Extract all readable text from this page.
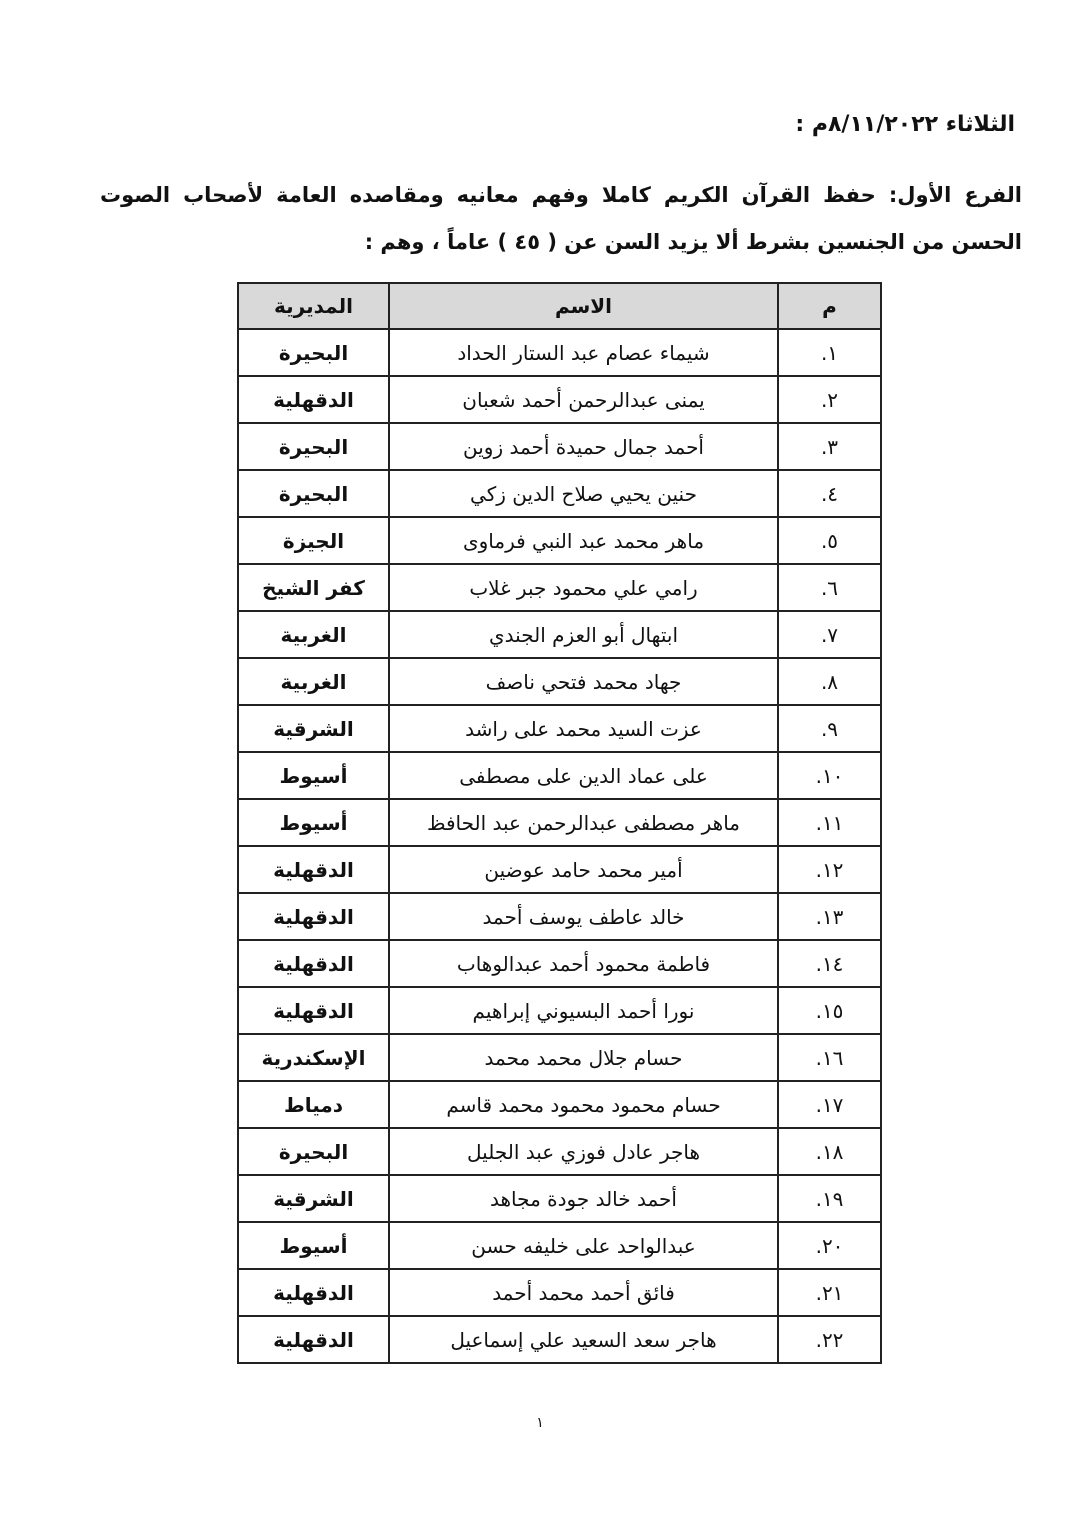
الثلاثاء ٨/١١/٢٠٢٢م :
الفرع الأول: حفظ القرآن الكريم كاملا وفهم معانيه ومقاصده العامة لأصحاب الصوت الحسن من الجنسين بشرط ألا يزيد السن عن ( ٤٥ ) عاماً ، وهم :
م	الاسم	المديرية
١.	شيماء عصام عبد الستار الحداد	البحيرة
٢.	يمنى عبدالرحمن أحمد شعبان	الدقهلية
٣.	أحمد جمال حميدة أحمد زوين	البحيرة
٤.	حنين يحيي صلاح الدين زكي	البحيرة
٥.	ماهر محمد عبد النبي فرماوى	الجيزة
٦.	رامي علي محمود جبر غلاب	كفر الشيخ
٧.	ابتهال أبو العزم الجندي	الغربية
٨.	جهاد محمد فتحي ناصف	الغربية
٩.	عزت السيد محمد على راشد	الشرقية
١٠.	على عماد الدين على مصطفى	أسيوط
١١.	ماهر مصطفى عبدالرحمن عبد الحافظ	أسيوط
١٢.	أمير محمد حامد عوضين	الدقهلية
١٣.	خالد عاطف يوسف أحمد	الدقهلية
١٤.	فاطمة محمود أحمد عبدالوهاب	الدقهلية
١٥.	نورا أحمد البسيوني إبراهيم	الدقهلية
١٦.	حسام جلال محمد محمد	الإسكندرية
١٧.	حسام محمود محمود محمد قاسم	دمياط
١٨.	هاجر عادل فوزي عبد الجليل	البحيرة
١٩.	أحمد خالد جودة مجاهد	الشرقية
٢٠.	عبدالواحد على خليفه حسن	أسيوط
٢١.	فائق أحمد محمد أحمد	الدقهلية
٢٢.	هاجر سعد السعيد علي إسماعيل	الدقهلية
١
